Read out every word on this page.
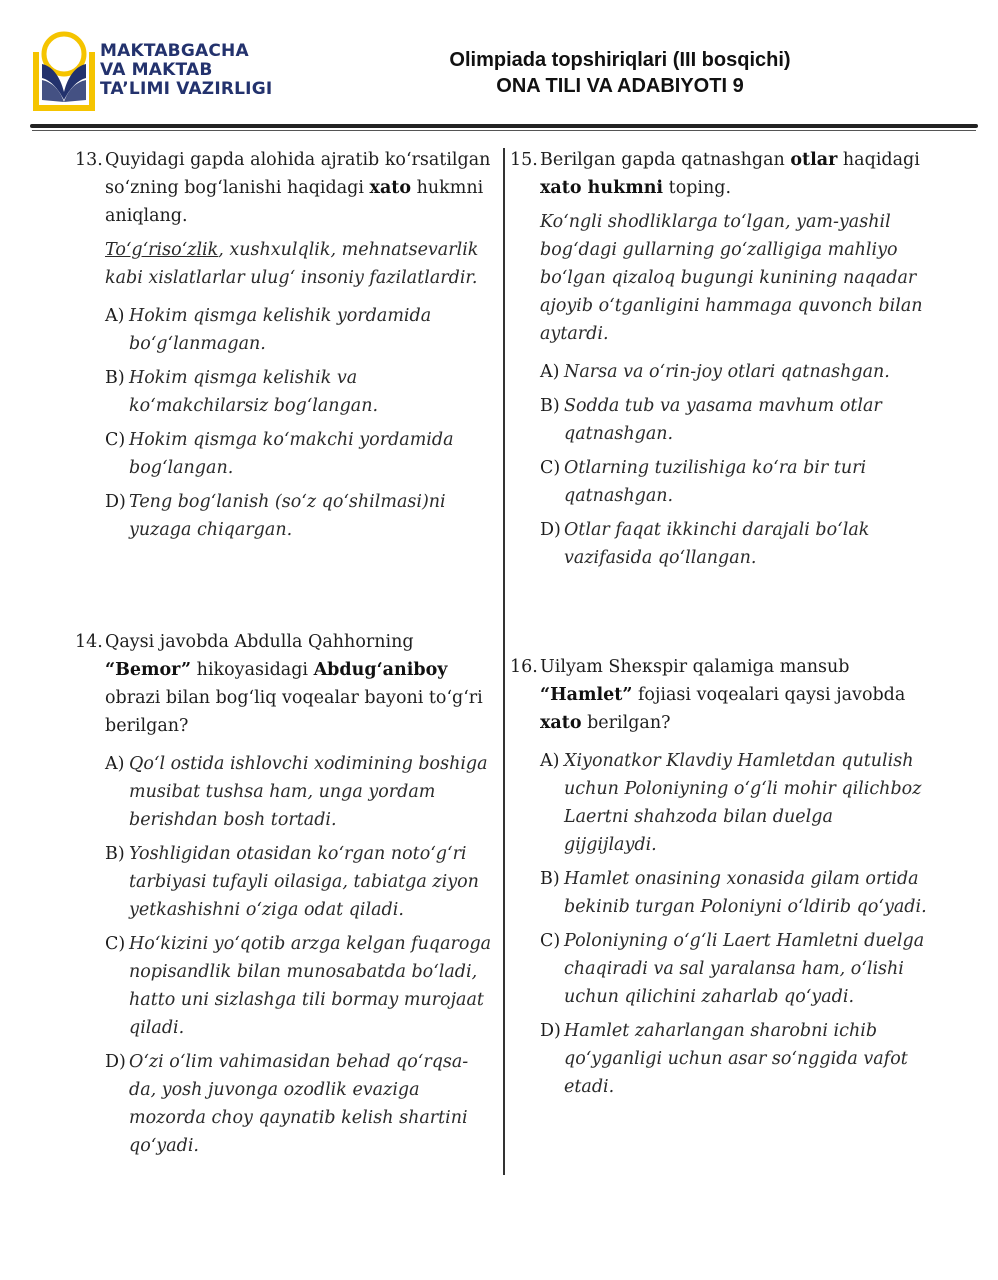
MAKTABGACHA
VA MAKTAB
TA’LIMI VAZIRLIGI
Olimpiada topshiriqlari (III bosqichi)
ONA TILI VA ADABIYOTI 9
13. Quyidagi gapda alohida ajratib ko‘rsatilgan so‘zning bog‘lanishi haqidagi xato hukmni aniqlang.
To‘g‘riso‘zlik, xushxulqlik, mehnatsevarlik kabi xislatlarlar ulug‘ insoniy fazilatlardir.
A) Hokim qismga kelishik yordamida bo‘g‘lanmagan.
B) Hokim qismga kelishik va ko‘makchilarsiz bog‘langan.
C) Hokim qismga ko‘makchi yordamida bog‘langan.
D) Teng bog‘lanish (so‘z qo‘shilmasi)ni yuzaga chiqargan.
14. Qaysi javobda Abdulla Qahhorning “Bemor” hikoyasidagi Abdug‘aniboy obrazi bilan bog‘liq voqealar bayoni to‘g‘ri berilgan?
A) Qo‘l ostida ishlovchi xodimining boshiga musibat tushsa ham, unga yordam berishdan bosh tortadi.
B) Yoshligidan otasidan ko‘rgan noto‘g‘ri tarbiyasi tufayli oilasiga, tabiatga ziyon yetkashishni o‘ziga odat qiladi.
C) Ho‘kizini yo‘qotib arzga kelgan fuqaroga nopisandlik bilan munosabatda bo‘ladi, hatto uni sizlashga tili bormay murojaat qiladi.
D) O‘zi o‘lim vahimasidan behad qo‘rqsa-da, yosh juvonga ozodlik evaziga mozorda choy qaynatib kelish shartini qo‘yadi.
15. Berilgan gapda qatnashgan otlar haqidagi xato hukmni toping.
Ko‘ngli shodliklarga to‘lgan, yam-yashil bog‘dagi gullarning go‘zalligiga mahliyo bo‘lgan qizaloq bugungi kunining naqadar ajoyib o‘tganligini hammaga quvonch bilan aytardi.
A) Narsa va o‘rin-joy otlari qatnashgan.
B) Sodda tub va yasama mavhum otlar qatnashgan.
C) Otlarning tuzilishiga ko‘ra bir turi qatnashgan.
D) Otlar faqat ikkinchi darajali bo‘lak vazifasida qo‘llangan.
16. Uilyam Sheкspir qalamiga mansub “Hamlet” fojiasi voqealari qaysi javobda xato berilgan?
A) Xiyonatkor Klavdiy Hamletdan qutulish uchun Poloniyning o‘g‘li mohir qilichboz Laertni shahzoda bilan duelga gijgijlaydi.
B) Hamlet onasining xonasida gilam ortida bekinib turgan Poloniyni o‘ldirib qo‘yadi.
C) Poloniyning o‘g‘li Laert Hamletni duelga chaqiradi va sal yaralansa ham, o‘lishi uchun qilichini zaharlab qo‘yadi.
D) Hamlet zaharlangan sharobni ichib qo‘yganligi uchun asar so‘nggida vafot etadi.
